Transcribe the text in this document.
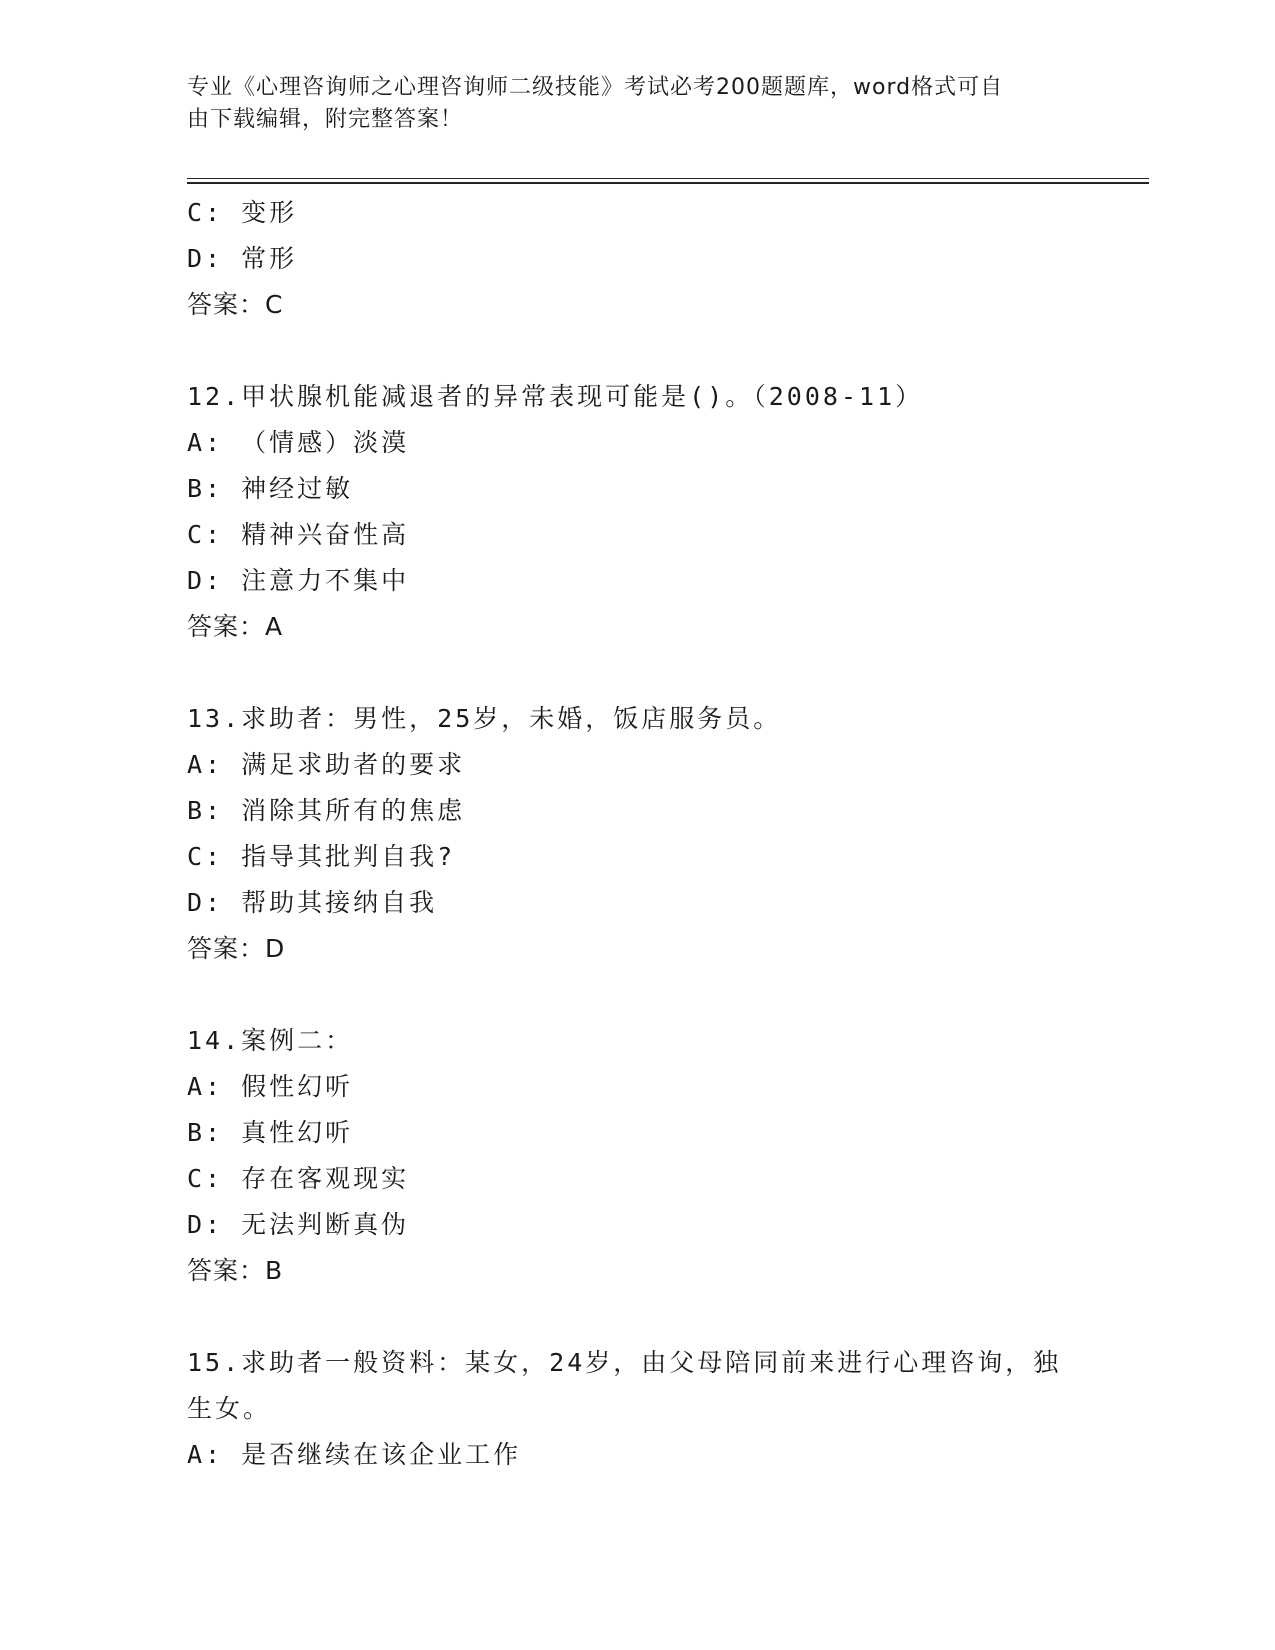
专业《心理咨询师之心理咨询师二级技能》考试必考200题题库，word格式可自
由下载编辑，附完整答案！
C: 变形
D: 常形
答案：C
12.甲状腺机能减退者的异常表现可能是()。（2008-11）
A: （情感）淡漠
B: 神经过敏
C: 精神兴奋性高
D: 注意力不集中
答案：A
13.求助者：男性，25岁，未婚，饭店服务员。
A: 满足求助者的要求
B: 消除其所有的焦虑
C: 指导其批判自我?
D: 帮助其接纳自我
答案：D
14.案例二：
A: 假性幻听
B: 真性幻听
C: 存在客观现实
D: 无法判断真伪
答案：B
15.求助者一般资料：某女，24岁，由父母陪同前来进行心理咨询，独
生女。
A: 是否继续在该企业工作
